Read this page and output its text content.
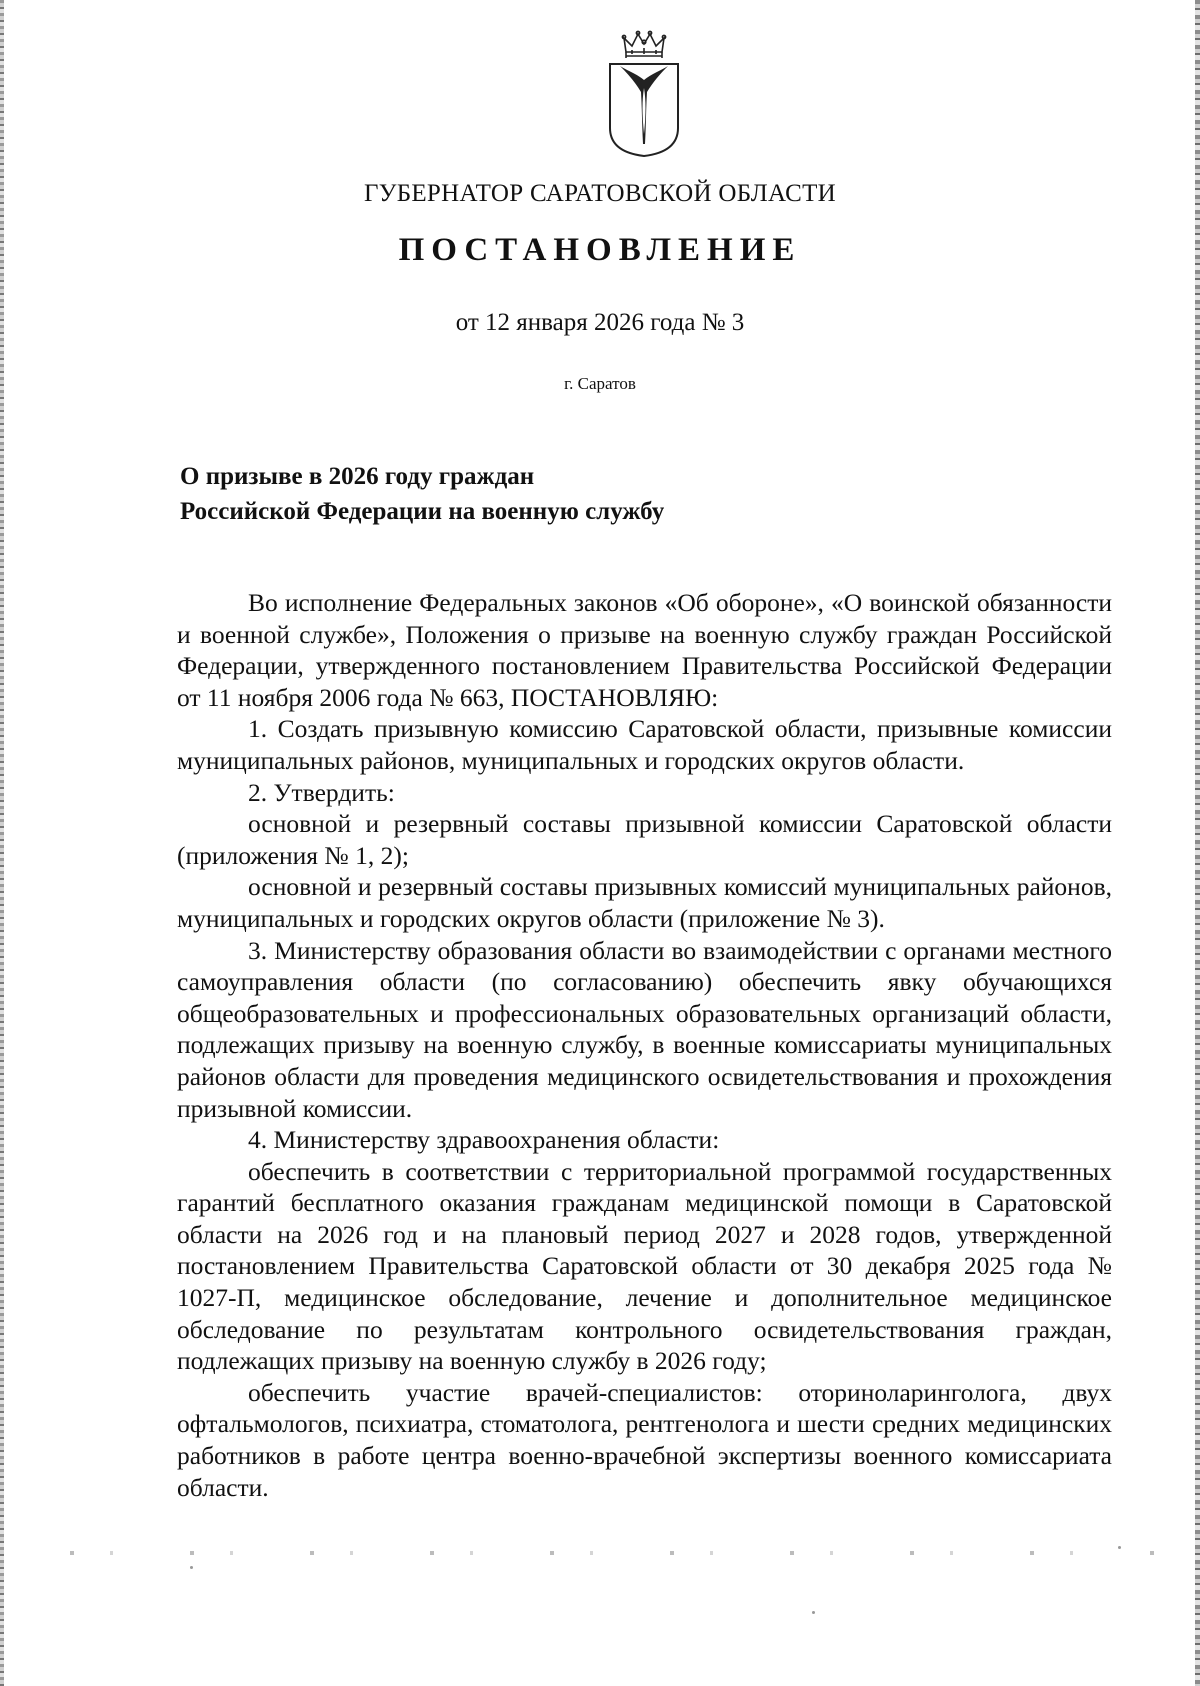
ГУБЕРНАТОР САРАТОВСКОЙ ОБЛАСТИ
ПОСТАНОВЛЕНИЕ
от 12 января 2026 года № 3
г. Саратов
О призыве в 2026 году граждан
Российской Федерации на военную службу

Во исполнение Федеральных законов «Об обороне», «О воинской обязанности и военной службе», Положения о призыве на военную службу граждан Российской Федерации, утвержденного постановлением Правительства Российской Федерации от 11 ноября 2006 года № 663, ПОСТАНОВЛЯЮ:

1. Создать призывную комиссию Саратовской области, призывные комиссии муниципальных районов, муниципальных и городских округов области.

2. Утвердить:

основной и резервный составы призывной комиссии Саратовской области (приложения № 1, 2);

основной и резервный составы призывных комиссий муниципальных районов, муниципальных и городских округов области (приложение № 3).

3. Министерству образования области во взаимодействии с органами местного самоуправления области (по согласованию) обеспечить явку обучающихся общеобразовательных и профессиональных образовательных организаций области, подлежащих призыву на военную службу, в военные комиссариаты муниципальных районов области для проведения медицинского освидетельствования и прохождения призывной комиссии.

4. Министерству здравоохранения области:

обеспечить в соответствии с территориальной программой государственных гарантий бесплатного оказания гражданам медицинской помощи в Саратовской области на 2026 год и на плановый период 2027 и 2028 годов, утвержденной постановлением Правительства Саратовской области от 30 декабря 2025 года № 1027-П, медицинское обследование, лечение и дополнительное медицинское обследование по результатам контрольного освидетельствования граждан, подлежащих призыву на военную службу в 2026 году;

обеспечить участие врачей-специалистов: оториноларинголога, двух офтальмологов, психиатра, стоматолога, рентгенолога и шести средних медицинских работников в работе центра военно-врачебной экспертизы военного комиссариата области.
